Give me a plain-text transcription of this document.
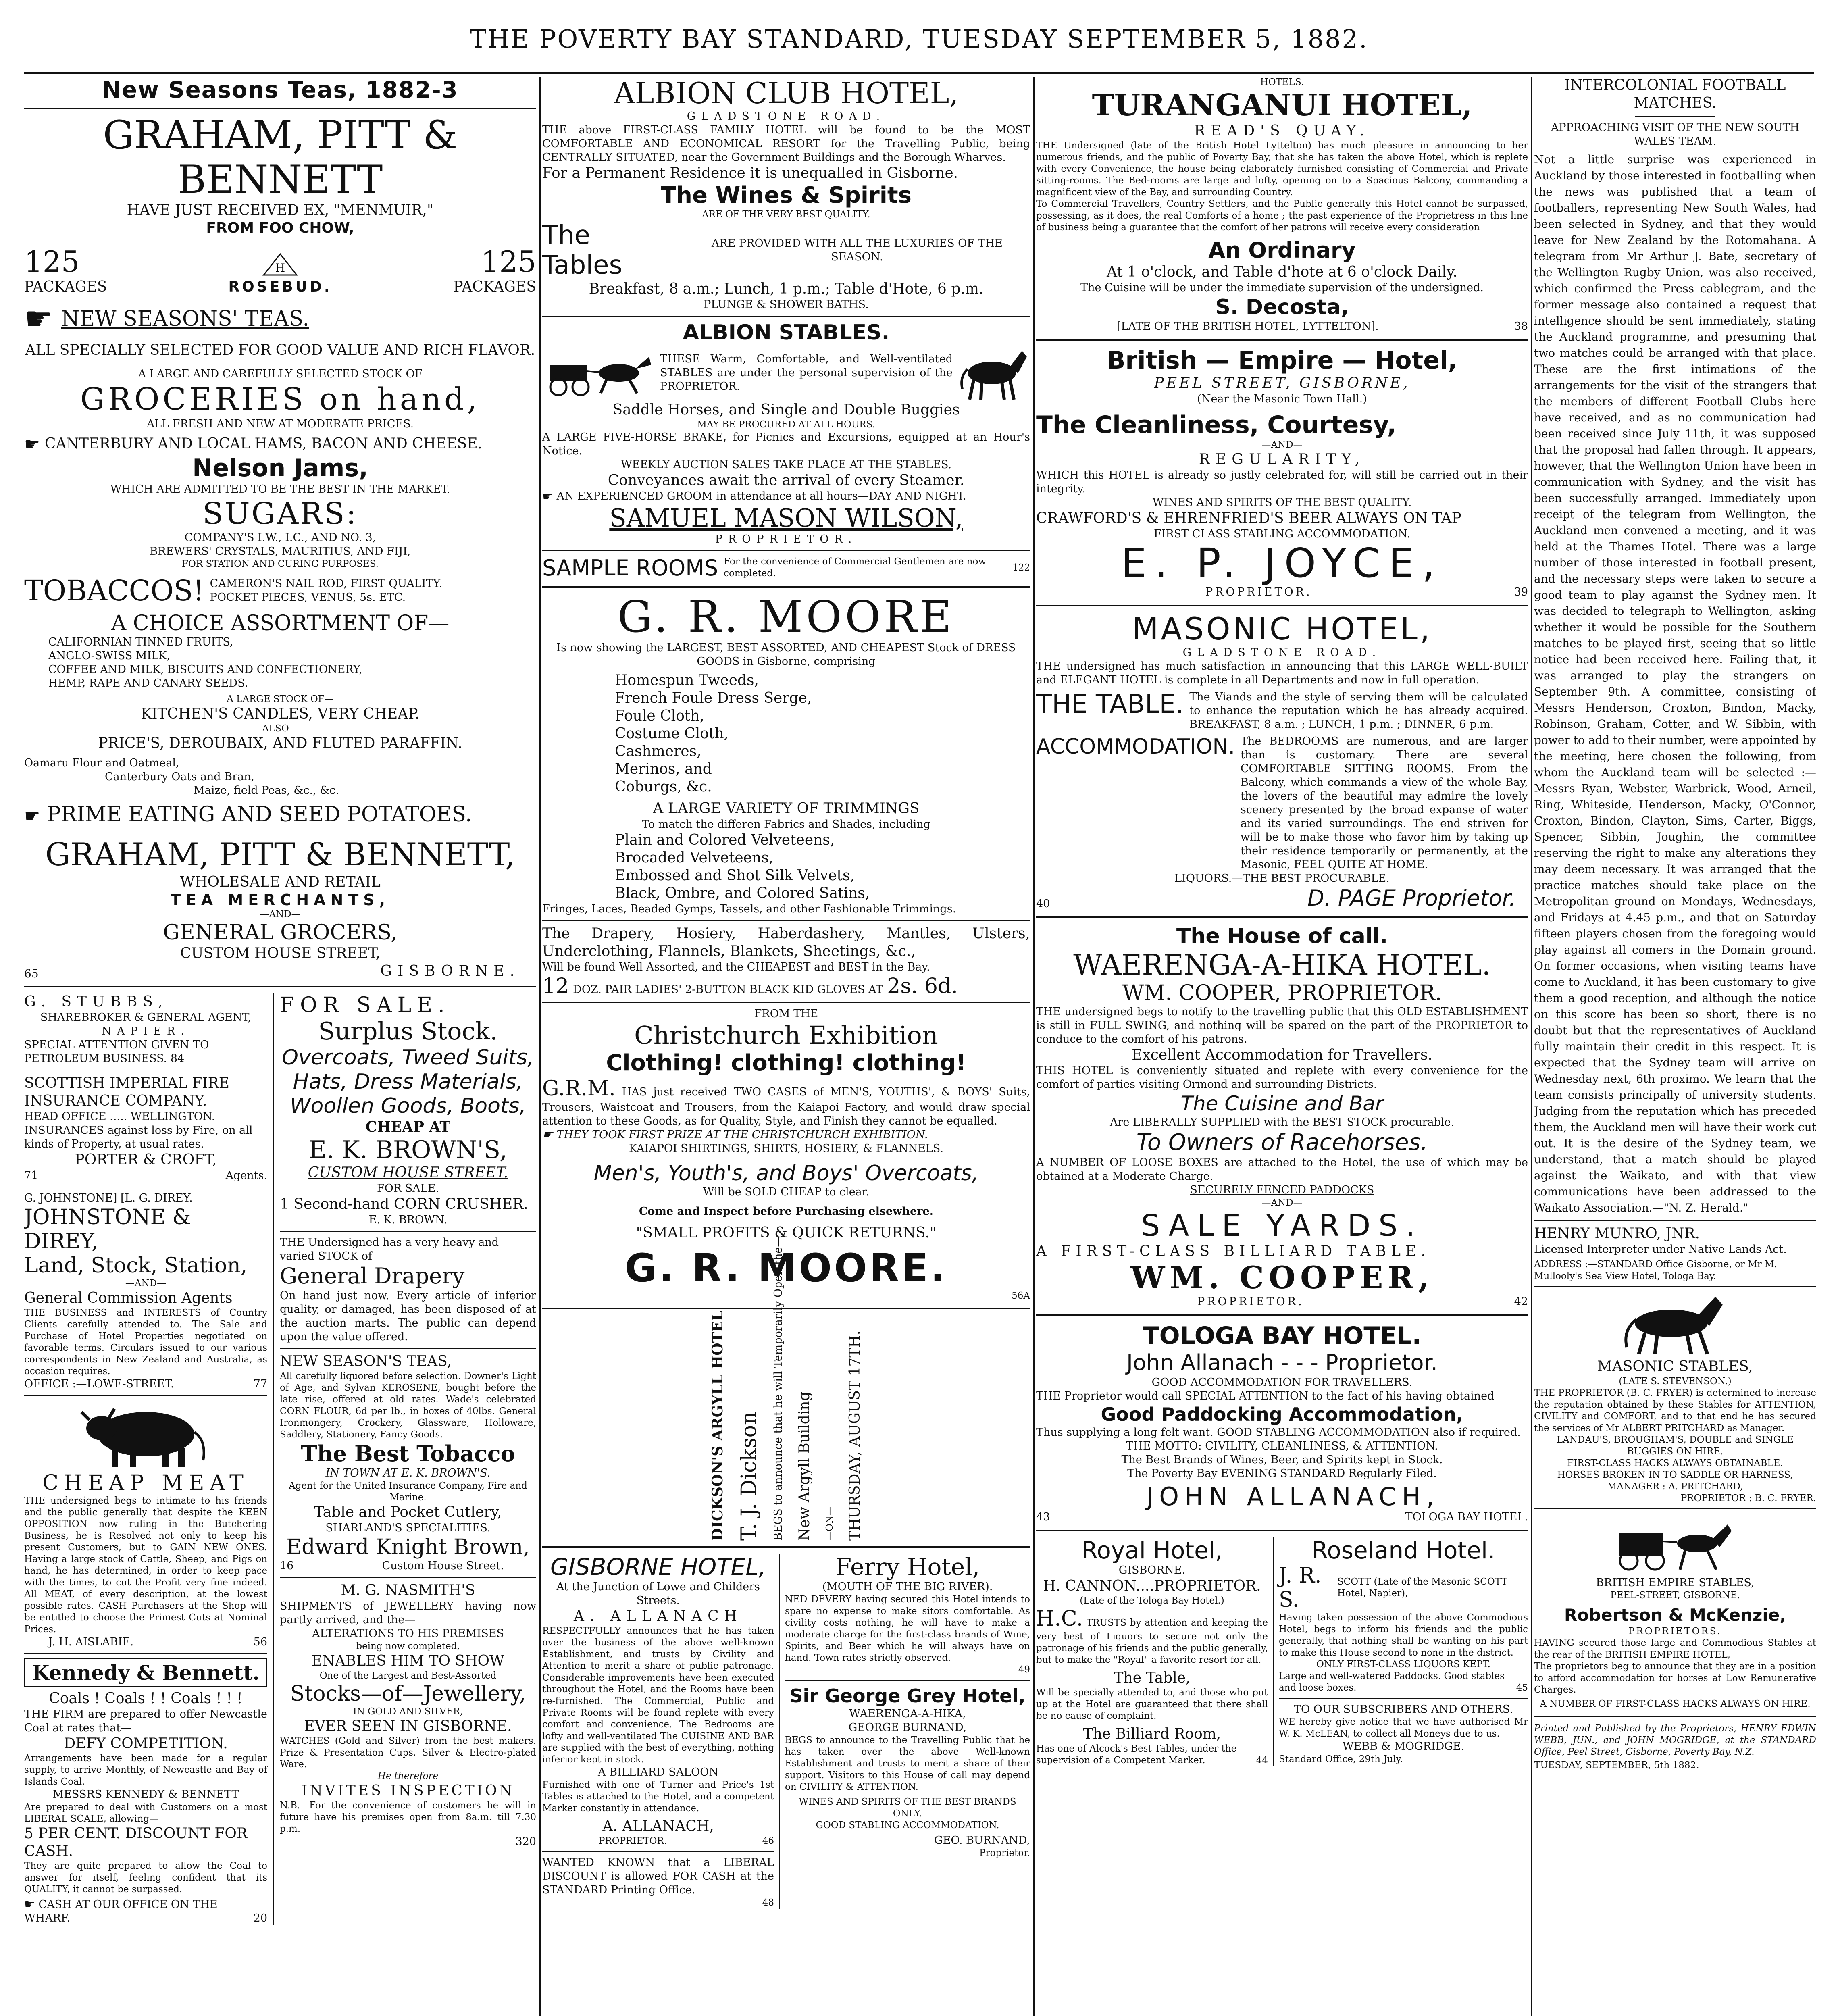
THE POVERTY BAY STANDARD, TUESDAY SEPTEMBER 5, 1882.
New Seasons Teas, 1882-3
GRAHAM, PITT & BENNETT
HAVE JUST RECEIVED EX, "MENMUIR,"
FROM FOO CHOW,
125	H	125
PACKAGES	ROSEBUD.	PACKAGES
☛ NEW SEASONS' TEAS.
ALL SPECIALLY SELECTED FOR GOOD VALUE AND RICH FLAVOR.
A LARGE AND CAREFULLY SELECTED STOCK OF
GROCERIES on hand,
ALL FRESH AND NEW AT MODERATE PRICES.
☛ CANTERBURY AND LOCAL HAMS, BACON AND CHEESE.
Nelson Jams,
WHICH ARE ADMITTED TO BE THE BEST IN THE MARKET.
SUGARS:
COMPANY'S I.W., I.C., AND NO. 3,
BREWERS' CRYSTALS, MAURITIUS, AND FIJI,
FOR STATION AND CURING PURPOSES.
TOBACCOS! CAMERON'S NAIL ROD, FIRST QUALITY.
POCKET PIECES, VENUS, 5s. ETC.
A CHOICE ASSORTMENT OF—
CALIFORNIAN TINNED FRUITS,
ANGLO-SWISS MILK,
COFFEE AND MILK, BISCUITS AND CONFECTIONERY,
HEMP, RAPE AND CANARY SEEDS.
A LARGE STOCK OF—
KITCHEN'S CANDLES, VERY CHEAP.
ALSO—
PRICE'S, DEROUBAIX, AND FLUTED PARAFFIN.
Oamaru Flour and Oatmeal,
Canterbury Oats and Bran,
Maize, field Peas, &c., &c.
☛ PRIME EATING AND SEED POTATOES.
GRAHAM, PITT & BENNETT,
WHOLESALE AND RETAIL
TEA MERCHANTS,
—AND—
GENERAL GROCERS,
CUSTOM HOUSE STREET,
65	GISBORNE.
G. STUBBS,
SHAREBROKER & GENERAL AGENT,
NAPIER.
SPECIAL ATTENTION GIVEN TO PETROLEUM BUSINESS. 84
SCOTTISH IMPERIAL FIRE INSURANCE COMPANY.
HEAD OFFICE ..... WELLINGTON.
INSURANCES against loss by Fire, on all kinds of Property, at usual rates.
PORTER & CROFT,
71	Agents.
G. JOHNSTONE] [L. G. DIREY.
JOHNSTONE & DIREY,
Land, Stock, Station,
—AND—
General Commission Agents
THE BUSINESS and INTERESTS of Country Clients carefully attended to. The Sale and Purchase of Hotel Properties negotiated on favorable terms. Circulars issued to our various correspondents in New Zealand and Australia, as occasion requires.
OFFICE :—LOWE-STREET.	77
CHEAP MEAT
THE undersigned begs to intimate to his friends and the public generally that despite the KEEN OPPOSITION now ruling in the Butchering Business, he is Resolved not only to keep his present Customers, but to GAIN NEW ONES. Having a large stock of Cattle, Sheep, and Pigs on hand, he has determined, in order to keep pace with the times, to cut the Profit very fine indeed. All MEAT, of every description, at the lowest possible rates. CASH Purchasers at the Shop will be entitled to choose the Primest Cuts at Nominal Prices.
J. H. AISLABIE.	56
Kennedy & Bennett.
Coals ! Coals ! ! Coals ! ! !
THE FIRM are prepared to offer Newcastle Coal at rates that—
DEFY COMPETITION.
Arrangements have been made for a regular supply, to arrive Monthly, of Newcastle and Bay of Islands Coal.
MESSRS KENNEDY & BENNETT
Are prepared to deal with Customers on a most LIBERAL SCALE, allowing—
5 PER CENT. DISCOUNT FOR CASH.
They are quite prepared to allow the Coal to answer for itself, feeling confident that its QUALITY, it cannot be surpassed.
☛ CASH AT OUR OFFICE ON THE WHARF.	20
FOR SALE.
Surplus Stock.
Overcoats, Tweed Suits, Hats, Dress Materials, Woollen Goods, Boots,
CHEAP AT
E. K. BROWN'S,
CUSTOM HOUSE STREET.
FOR SALE.
1 Second-hand CORN CRUSHER.
E. K. BROWN.
THE Undersigned has a very heavy and varied STOCK of
General Drapery
On hand just now. Every article of inferior quality, or damaged, has been disposed of at the auction marts. The public can depend upon the value offered.
NEW SEASON'S TEAS,
All carefully liquored before selection. Downer's Light of Age, and Sylvan KEROSENE, bought before the late rise, offered at old rates. Wade's celebrated CORN FLOUR, 6d per lb., in boxes of 40lbs. General Ironmongery, Crockery, Glassware, Holloware, Saddlery, Stationery, Fancy Goods.
The Best Tobacco
IN TOWN AT E. K. BROWN'S.
Agent for the United Insurance Company, Fire and Marine.
Table and Pocket Cutlery,
SHARLAND'S SPECIALITIES.
Edward Knight Brown,
16	Custom House Street.
M. G. NASMITH'S
SHIPMENTS of JEWELLERY having now partly arrived, and the—
ALTERATIONS TO HIS PREMISES
being now completed,
ENABLES HIM TO SHOW
One of the Largest and Best-Assorted
Stocks—of—Jewellery,
IN GOLD AND SILVER,
EVER SEEN IN GISBORNE.
WATCHES (Gold and Silver) from the best makers. Prize & Presentation Cups. Silver & Electro-plated Ware.
He therefore
INVITES INSPECTION
N.B.—For the convenience of customers he will in future have his premises open from 8a.m. till 7.30 p.m.
320
ALBION CLUB HOTEL,
GLADSTONE ROAD.
THE above FIRST-CLASS FAMILY HOTEL will be found to be the MOST COMFORTABLE AND ECONOMICAL RESORT for the Travelling Public, being CENTRALLY SITUATED, near the Government Buildings and the Borough Wharves.
For a Permanent Residence it is unequalled in Gisborne.
The Wines & Spirits
ARE OF THE VERY BEST QUALITY.
The Tables
ARE PROVIDED WITH ALL THE LUXURIES OF THE SEASON.
Breakfast, 8 a.m.; Lunch, 1 p.m.; Table d'Hote, 6 p.m.
PLUNGE & SHOWER BATHS.
ALBION STABLES.
THESE Warm, Comfortable, and Well-ventilated STABLES are under the personal supervision of the PROPRIETOR.
Saddle Horses, and Single and Double Buggies
MAY BE PROCURED AT ALL HOURS.
A LARGE FIVE-HORSE BRAKE, for Picnics and Excursions, equipped at an Hour's Notice.
WEEKLY AUCTION SALES TAKE PLACE AT THE STABLES.
Conveyances await the arrival of every Steamer.
☛ AN EXPERIENCED GROOM in attendance at all hours—DAY AND NIGHT.
SAMUEL MASON WILSON,
PROPRIETOR.
SAMPLE ROOMS For the convenience of Commercial Gentlemen are now completed.
122
G. R. MOORE
Is now showing the LARGEST, BEST ASSORTED, AND CHEAPEST Stock of DRESS GOODS in Gisborne, comprising
Homespun Tweeds,
French Foule Dress Serge,
Foule Cloth,
Costume Cloth,
Cashmeres,
Merinos, and
Coburgs, &c.
A LARGE VARIETY OF TRIMMINGS
To match the differen Fabrics and Shades, including
Plain and Colored Velveteens,
Brocaded Velveteens,
Embossed and Shot Silk Velvets,
Black, Ombre, and Colored Satins,
Fringes, Laces, Beaded Gymps, Tassels, and other Fashionable Trimmings.
The Drapery, Hosiery, Haberdashery, Mantles, Ulsters, Underclothing, Flannels, Blankets, Sheetings, &c.,
Will be found Well Assorted, and the CHEAPEST and BEST in the Bay.
12 DOZ. PAIR LADIES' 2-BUTTON BLACK KID GLOVES AT 2s. 6d.
FROM THE
Christchurch Exhibition
Clothing! clothing! clothing!
G.R.M. HAS just received TWO CASES of MEN'S, YOUTHS', & BOYS' Suits, Trousers, Waistcoat and Trousers, from the Kaiapoi Factory, and would draw special attention to these Goods, as for Quality, Style, and Finish they cannot be equalled.
☛ THEY TOOK FIRST PRIZE AT THE CHRISTCHURCH EXHIBITION.
KAIAPOI SHIRTINGS, SHIRTS, HOSIERY, & FLANNELS.
Men's, Youth's, and Boys' Overcoats,
Will be SOLD CHEAP to clear.
Come and Inspect before Purchasing elsewhere.
"SMALL PROFITS & QUICK RETURNS."
G. R. MOORE.
56A
DICKSON'S ARGYLL HOTEL T. J. Dickson BEGS to announce that he will Temporarily Open the— New Argyll Building —ON— THURSDAY, AUGUST 17TH.
GISBORNE HOTEL,
At the Junction of Lowe and Childers Streets.
A. ALLANACH
RESPECTFULLY announces that he has taken over the business of the above well-known Establishment, and trusts by Civility and Attention to merit a share of public patronage. Considerable improvements have been executed throughout the Hotel, and the Rooms have been re-furnished. The Commercial, Public and Private Rooms will be found replete with every comfort and convenience. The Bedrooms are lofty and well-ventilated The CUISINE AND BAR are supplied with the best of everything, nothing inferior kept in stock.
A BILLIARD SALOON
Furnished with one of Turner and Price's 1st Tables is attached to the Hotel, and a competent Marker constantly in attendance.
A. ALLANACH,
PROPRIETOR.	46
WANTED KNOWN that a LIBERAL DISCOUNT is allowed FOR CASH at the STANDARD Printing Office.
48
Ferry Hotel,
(MOUTH OF THE BIG RIVER).
NED DEVERY having secured this Hotel intends to spare no expense to make sitors comfortable. As civility costs nothing, he will have to make a moderate charge for the first-class brands of Wine, Spirits, and Beer which he will always have on hand. Town rates strictly observed.
49
Sir George Grey Hotel,
WAERENGA-A-HIKA,
GEORGE BURNAND,
BEGS to announce to the Travelling Public that he has taken over the above Well-known Establishment and trusts to merit a share of their support. Visitors to this House of call may depend on CIVILITY & ATTENTION.
WINES AND SPIRITS OF THE BEST BRANDS ONLY.
GOOD STABLING ACCOMMODATION.
GEO. BURNAND,
Proprietor.
HOTELS.
TURANGANUI HOTEL,
READ'S QUAY.
THE Undersigned (late of the British Hotel Lyttelton) has much pleasure in announcing to her numerous friends, and the public of Poverty Bay, that she has taken the above Hotel, which is replete with every Convenience, the house being elaborately furnished consisting of Commercial and Private sitting-rooms. The Bed-rooms are large and lofty, opening on to a Spacious Balcony, commanding a magnificent view of the Bay, and surrounding Country.
To Commercial Travellers, Country Settlers, and the Public generally this Hotel cannot be surpassed, possessing, as it does, the real Comforts of a home ; the past experience of the Proprietress in this line of business being a guarantee that the comfort of her patrons will receive every consideration
An Ordinary
At 1 o'clock, and Table d'hote at 6 o'clock Daily.
The Cuisine will be under the immediate supervision of the undersigned.
S. Decosta,
[LATE OF THE BRITISH HOTEL, LYTTELTON].	38
British — Empire — Hotel,
PEEL STREET, GISBORNE,
(Near the Masonic Town Hall.)
The Cleanliness, Courtesy,
—AND—
REGULARITY,
WHICH this HOTEL is already so justly celebrated for, will still be carried out in their integrity.
WINES AND SPIRITS OF THE BEST QUALITY.
CRAWFORD'S & EHRENFRIED'S BEER ALWAYS ON TAP
FIRST CLASS STABLING ACCOMMODATION.
E. P. JOYCE,
PROPRIETOR.	39
MASONIC HOTEL,
GLADSTONE ROAD.
THE undersigned has much satisfaction in announcing that this LARGE WELL-BUILT and ELEGANT HOTEL is complete in all Departments and now in full operation.
THE TABLE. The Viands and the style of serving them will be calculated to enhance the reputation which he has already acquired. BREAKFAST, 8 a.m. ; LUNCH, 1 p.m. ; DINNER, 6 p.m.
ACCOMMODATION. The BEDROOMS are numerous, and are larger than is customary. There are several COMFORTABLE SITTING ROOMS. From the Balcony, which commands a view of the whole Bay, the lovers of the beautiful may admire the lovely scenery presented by the broad expanse of water and its varied surroundings. The end striven for will be to make those who favor him by taking up their residence temporarily or permanently, at the Masonic, FEEL QUITE AT HOME.
LIQUORS.—THE BEST PROCURABLE.
40	D. PAGE Proprietor.
The House of call.
WAERENGA-A-HIKA HOTEL.
WM. COOPER, PROPRIETOR.
THE undersigned begs to notify to the travelling public that this OLD ESTABLISHMENT is still in FULL SWING, and nothing will be spared on the part of the PROPRIETOR to conduce to the comfort of his patrons.
Excellent Accommodation for Travellers.
THIS HOTEL is conveniently situated and replete with every convenience for the comfort of parties visiting Ormond and surrounding Districts.
The Cuisine and Bar
Are LIBERALLY SUPPLIED with the BEST STOCK procurable.
To Owners of Racehorses.
A NUMBER OF LOOSE BOXES are attached to the Hotel, the use of which may be obtained at a Moderate Charge.
SECURELY FENCED PADDOCKS
—AND—
SALE YARDS.
A FIRST-CLASS BILLIARD TABLE.
WM. COOPER,
PROPRIETOR.	42
TOLOGA BAY HOTEL.
John Allanach - - - Proprietor.
GOOD ACCOMMODATION FOR TRAVELLERS.
THE Proprietor would call SPECIAL ATTENTION to the fact of his having obtained
Good Paddocking Accommodation,
Thus supplying a long felt want. GOOD STABLING ACCOMMODATION also if required.
THE MOTTO: CIVILITY, CLEANLINESS, & ATTENTION.
The Best Brands of Wines, Beer, and Spirits kept in Stock.
The Poverty Bay EVENING STANDARD Regularly Filed.
43
JOHN ALLANACH,
TOLOGA BAY HOTEL.
Royal Hotel,
GISBORNE.
H. CANNON....PROPRIETOR.
(Late of the Tologa Bay Hotel.)
H.C. TRUSTS by attention and keeping the very best of Liquors to secure not only the patronage of his friends and the public generally, but to make the "Royal" a favorite resort for all.
The Table,
Will be specially attended to, and those who put up at the Hotel are guaranteed that there shall be no cause of complaint.
The Billiard Room,
Has one of Alcock's Best Tables, under the supervision of a Competent Marker.	44
Roseland Hotel.
J. R. S.
SCOTT (Late of the Masonic SCOTT Hotel, Napier),
Having taken possession of the above Commodious Hotel, begs to inform his friends and the public generally, that nothing shall be wanting on his part to make this House second to none in the district.
ONLY FIRST-CLASS LIQUORS KEPT.
Large and well-watered Paddocks. Good stables and loose boxes.	45
TO OUR SUBSCRIBERS AND OTHERS.
WE hereby give notice that we have authorised Mr W. K. McLEAN, to collect all Moneys due to us.
WEBB & MOGRIDGE.
Standard Office, 29th July.
INTERCOLONIAL FOOTBALL MATCHES.
APPROACHING VISIT OF THE NEW SOUTH WALES TEAM.
Not a little surprise was experienced in Auckland by those interested in footballing when the news was published that a team of footballers, representing New South Wales, had been selected in Sydney, and that they would leave for New Zealand by the Rotomahana. A telegram from Mr Arthur J. Bate, secretary of the Wellington Rugby Union, was also received, which confirmed the Press cablegram, and the former message also contained a request that intelligence should be sent immediately, stating the Auckland programme, and presuming that two matches could be arranged with that place. These are the first intimations of the arrangements for the visit of the strangers that the members of different Football Clubs here have received, and as no communication had been received since July 11th, it was supposed that the proposal had fallen through. It appears, however, that the Wellington Union have been in communication with Sydney, and the visit has been successfully arranged. Immediately upon receipt of the telegram from Wellington, the Auckland men convened a meeting, and it was held at the Thames Hotel. There was a large number of those interested in football present, and the necessary steps were taken to secure a good team to play against the Sydney men. It was decided to telegraph to Wellington, asking whether it would be possible for the Southern matches to be played first, seeing that so little notice had been received here. Failing that, it was arranged to play the strangers on September 9th. A committee, consisting of Messrs Henderson, Croxton, Bindon, Macky, Robinson, Graham, Cotter, and W. Sibbin, with power to add to their number, were appointed by the meeting, here chosen the following, from whom the Auckland team will be selected :—Messrs Ryan, Webster, Warbrick, Wood, Arneil, Ring, Whiteside, Henderson, Macky, O'Connor, Croxton, Bindon, Clayton, Sims, Carter, Biggs, Spencer, Sibbin, Joughin, the committee reserving the right to make any alterations they may deem necessary. It was arranged that the practice matches should take place on the Metropolitan ground on Mondays, Wednesdays, and Fridays at 4.45 p.m., and that on Saturday fifteen players chosen from the foregoing would play against all comers in the Domain ground. On former occasions, when visiting teams have come to Auckland, it has been customary to give them a good reception, and although the notice on this score has been so short, there is no doubt but that the representatives of Auckland fully maintain their credit in this respect. It is expected that the Sydney team will arrive on Wednesday next, 6th proximo. We learn that the team consists principally of university students. Judging from the reputation which has preceded them, the Auckland men will have their work cut out. It is the desire of the Sydney team, we understand, that a match should be played against the Waikato, and with that view communications have been addressed to the Waikato Association.—"N. Z. Herald."
HENRY MUNRO, JNR.
Licensed Interpreter under Native Lands Act.
ADDRESS :—STANDARD Office Gisborne, or Mr M. Mullooly's Sea View Hotel, Tologa Bay.
MASONIC STABLES,
(LATE S. STEVENSON.)
THE PROPRIETOR (B. C. FRYER) is determined to increase the reputation obtained by these Stables for ATTENTION, CIVILITY and COMFORT, and to that end he has secured the services of Mr ALBERT PRITCHARD as Manager.
LANDAU'S, BROUGHAM'S, DOUBLE and SINGLE BUGGIES ON HIRE.
FIRST-CLASS HACKS ALWAYS OBTAINABLE.
HORSES BROKEN IN TO SADDLE OR HARNESS,
MANAGER : A. PRITCHARD,
PROPRIETOR : B. C. FRYER.
BRITISH EMPIRE STABLES,
PEEL-STREET, GISBORNE.
Robertson & McKenzie,
PROPRIETORS.
HAVING secured those large and Commodious Stables at the rear of the BRITISH EMPIRE HOTEL,
The proprietors beg to announce that they are in a position to afford accommodation for horses at Low Remunerative Charges.
A NUMBER OF FIRST-CLASS HACKS ALWAYS ON HIRE.
Printed and Published by the Proprietors, HENRY EDWIN WEBB, JUN., and JOHN MOGRIDGE, at the STANDARD Office, Peel Street, Gisborne, Poverty Bay, N.Z.
TUESDAY, SEPTEMBER, 5th 1882.
